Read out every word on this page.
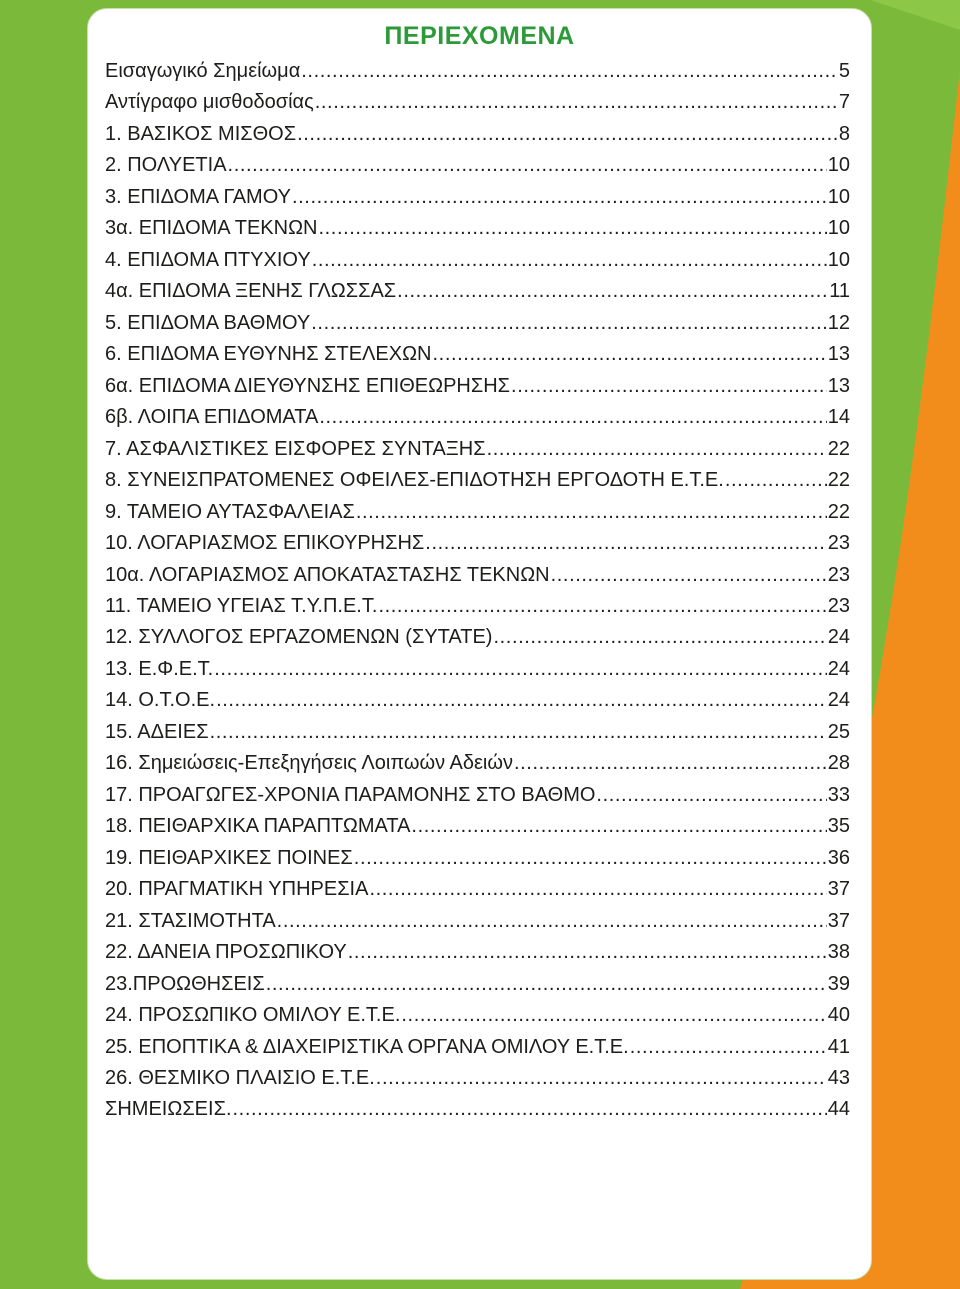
ΠΕΡΙΕΧΟΜΕΝΑ
Εισαγωγικό Σημείωμα .....	5
Αντίγραφο μισθοδοσίας .....	7
1. ΒΑΣΙΚΟΣ ΜΙΣΘΟΣ .....	8
2. ΠΟΛΥΕΤΙΑ .....	10
3. ΕΠΙΔΟΜΑ ΓΑΜΟΥ .....	10
3α. ΕΠΙΔΟΜΑ ΤΕΚΝΩΝ .....	10
4. ΕΠΙΔΟΜΑ ΠΤΥΧΙΟΥ .....	10
4α. ΕΠΙΔΟΜΑ ΞΕΝΗΣ ΓΛΩΣΣΑΣ .....	11
5. ΕΠΙΔΟΜΑ ΒΑΘΜΟΥ .....	12
6. ΕΠΙΔΟΜΑ ΕΥΘΥΝΗΣ ΣΤΕΛΕΧΩΝ .....	13
6α. ΕΠΙΔΟΜΑ ΔΙΕΥΘΥΝΣΗΣ ΕΠΙΘΕΩΡΗΣΗΣ .....	13
6β. ΛΟΙΠΑ ΕΠΙΔΟΜΑΤΑ .....	14
7. ΑΣΦΑΛΙΣΤΙΚΕΣ ΕΙΣΦΟΡΕΣ ΣΥΝΤΑΞΗΣ .....	22
8. ΣΥΝΕΙΣΠΡΑΤΟΜΕΝΕΣ ΟΦΕΙΛΕΣ-ΕΠΙΔΟΤΗΣΗ ΕΡΓΟΔΟΤΗ Ε.Τ.Ε. .....	22
9. ΤΑΜΕΙΟ ΑΥΤΑΣΦΑΛΕΙΑΣ .....	22
10. ΛΟΓΑΡΙΑΣΜΟΣ ΕΠΙΚΟΥΡΗΣΗΣ .....	23
10α. ΛΟΓΑΡΙΑΣΜΟΣ ΑΠΟΚΑΤΑΣΤΑΣΗΣ ΤΕΚΝΩΝ .....	23
11. ΤΑΜΕΙΟ ΥΓΕΙΑΣ Τ.Υ.Π.Ε.Τ. .....	23
12. ΣΥΛΛΟΓΟΣ ΕΡΓΑΖΟΜΕΝΩΝ (ΣΥΤΑΤΕ) .....	24
13. Ε.Φ.Ε.Τ. .....	24
14. Ο.Τ.Ο.Ε. .....	24
15. ΑΔΕΙΕΣ .....	25
16. Σημειώσεις-Επεξηγήσεις Λοιπωών Αδειών .....	28
17. ΠΡΟΑΓΩΓΕΣ-ΧΡΟΝΙΑ ΠΑΡΑΜΟΝΗΣ ΣΤΟ ΒΑΘΜΟ .....	33
18. ΠΕΙΘΑΡΧΙΚΑ ΠΑΡΑΠΤΩΜΑΤΑ .....	35
19. ΠΕΙΘΑΡΧΙΚΕΣ ΠΟΙΝΕΣ .....	36
20. ΠΡΑΓΜΑΤΙΚΗ ΥΠΗΡΕΣΙΑ .....	37
21. ΣΤΑΣΙΜΟΤΗΤΑ .....	37
22. ΔΑΝΕΙΑ ΠΡΟΣΩΠΙΚΟΥ .....	38
23.ΠΡΟΩΘΗΣΕΙΣ .....	39
24. ΠΡΟΣΩΠΙΚΟ ΟΜΙΛΟΥ Ε.Τ.Ε. .....	40
25. ΕΠΟΠΤΙΚΑ & ΔΙΑΧΕΙΡΙΣΤΙΚΑ ΟΡΓΑΝΑ ΟΜΙΛΟΥ Ε.Τ.Ε. .....	41
26. ΘΕΣΜΙΚΟ ΠΛΑΙΣΙΟ Ε.Τ.Ε. .....	43
ΣΗΜΕΙΩΣΕΙΣ. .....	44
3
